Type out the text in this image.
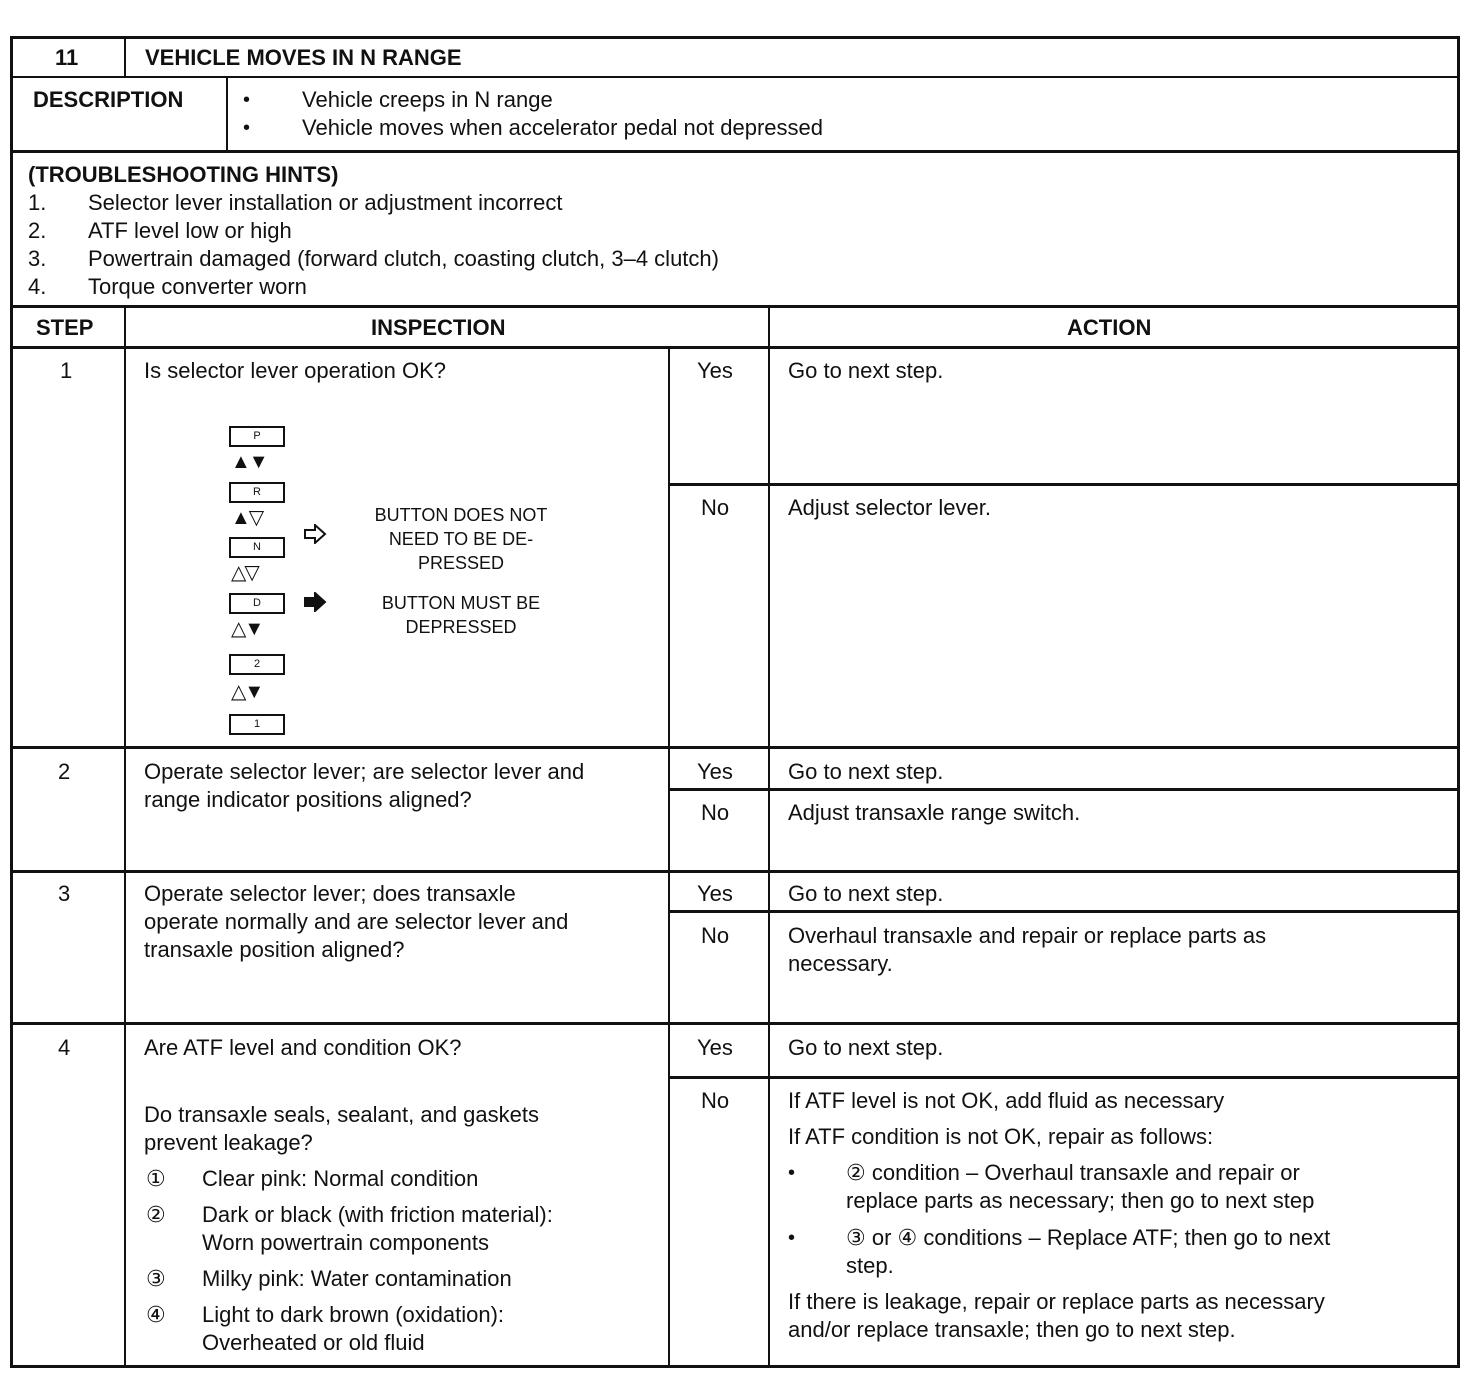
11	VEHICLE MOVES IN N RANGE
DESCRIPTION	• Vehicle creeps in N range
• Vehicle moves when accelerator pedal not depressed
(TROUBLESHOOTING HINTS)
1. Selector lever installation or adjustment incorrect
2. ATF level low or high
3. Powertrain damaged (forward clutch, coasting clutch, 3–4 clutch)
4. Torque converter worn
STEP	INSPECTION	ACTION
1	Is selector lever operation OK?	Yes	Go to next step.
No	Adjust selector lever.
P
▲▼
R
▲▽
N
△▽
D
△▼
2
△▼
1
BUTTON DOES NOT
NEED TO BE DE-
PRESSED
BUTTON MUST BE
DEPRESSED
2	Operate selector lever; are selector lever and
range indicator positions aligned?
Yes	Go to next step.
No	Adjust transaxle range switch.
3	Operate selector lever; does transaxle
operate normally and are selector lever and
transaxle position aligned?
Yes	Go to next step.
No	Overhaul transaxle and repair or replace parts as
necessary.
4	Are ATF level and condition OK?
Do transaxle seals, sealant, and gaskets
prevent leakage?
① Clear pink: Normal condition
② Dark or black (with friction material):
Worn powertrain components
③ Milky pink: Water contamination
④ Light to dark brown (oxidation):
Overheated or old fluid
Yes	Go to next step.
No	If ATF level is not OK, add fluid as necessary
If ATF condition is not OK, repair as follows:
• ② condition – Overhaul transaxle and repair or
replace parts as necessary; then go to next step
• ③ or ④ conditions – Replace ATF; then go to next
step.
If there is leakage, repair or replace parts as necessary
and/or replace transaxle; then go to next step.
